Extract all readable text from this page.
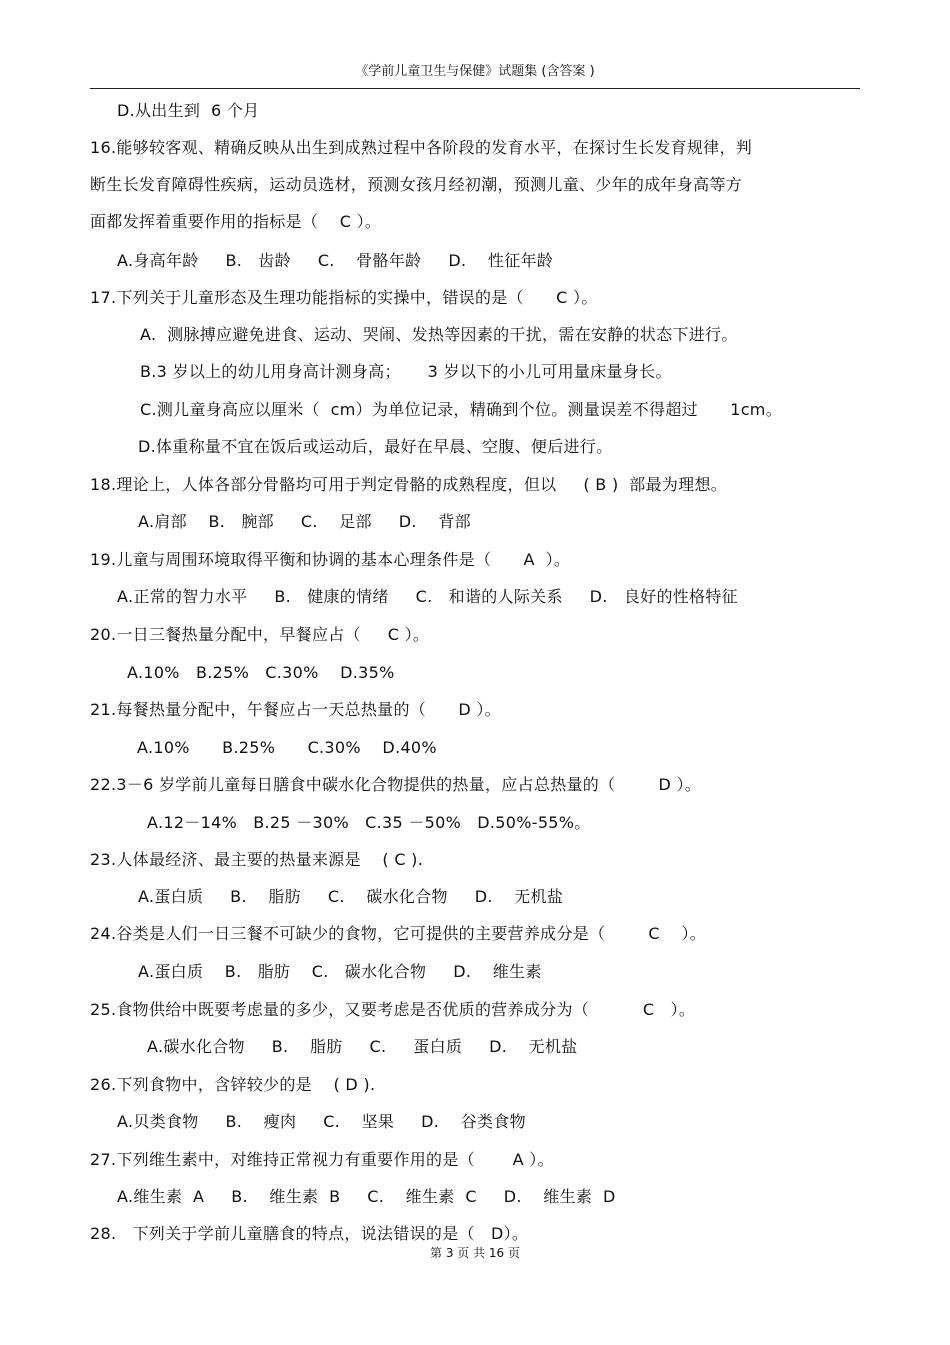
《学前儿童卫生与保健》试题集 (含答案 )
D.从出生到  6 个月
16.能够较客观、精确反映从出生到成熟过程中各阶段的发育水平，在探讨生长发育规律，判
断生长发育障碍性疾病，运动员选材，预测女孩月经初潮，预测儿童、少年的成年身高等方
面都发挥着重要作用的指标是（    C ）。
A.身高年龄     B.   齿龄     C.    骨骼年龄     D.    性征年龄
17.下列关于儿童形态及生理功能指标的实操中，错误的是（      C ）。
A.  测脉搏应避免进食、运动、哭闹、发热等因素的干扰，需在安静的状态下进行。
B.3 岁以上的幼儿用身高计测身高；     3 岁以下的小儿可用量床量身长。
C.测儿童身高应以厘米（  cm）为单位记录，精确到个位。测量误差不得超过      1cm。
D.体重称量不宜在饭后或运动后，最好在早晨、空腹、便后进行。
18.理论上，人体各部分骨骼均可用于判定骨骼的成熟程度，但以     ( B )  部最为理想。
A.肩部    B.   腕部     C.    足部     D.    背部
19.儿童与周围环境取得平衡和协调的基本心理条件是（      A  ）。
A.正常的智力水平     B.   健康的情绪     C.   和谐的人际关系     D.   良好的性格特征
20.一日三餐热量分配中，早餐应占（     C ）。
A.10%   B.25%   C.30%    D.35%
21.每餐热量分配中，午餐应占一天总热量的（      D ）。
A.10%      B.25%      C.30%    D.40%
22.3－6 岁学前儿童每日膳食中碳水化合物提供的热量，应占总热量的（        D ）。
A.12－14%   B.25 －30%   C.35 －50%   D.50%-55%。
23.人体最经济、最主要的热量来源是    ( C ).
A.蛋白质     B.    脂肪     C.    碳水化合物     D.    无机盐
24.谷类是人们一日三餐不可缺少的食物，它可提供的主要营养成分是（        C    ）。
A.蛋白质    B.   脂肪    C.   碳水化合物     D.    维生素
25.食物供给中既要考虑量的多少，又要考虑是否优质的营养成分为（          C   ）。
A.碳水化合物     B.    脂肪     C.     蛋白质     D.    无机盐
26.下列食物中，含锌较少的是    ( D ).
A.贝类食物     B.    瘦肉     C.    坚果     D.    谷类食物
27.下列维生素中，对维持正常视力有重要作用的是（       A ）。
A.维生素  A     B.    维生素  B     C.    维生素  C     D.    维生素  D
28.   下列关于学前儿童膳食的特点，说法错误的是（   D）。
第 3 页 共 16 页
